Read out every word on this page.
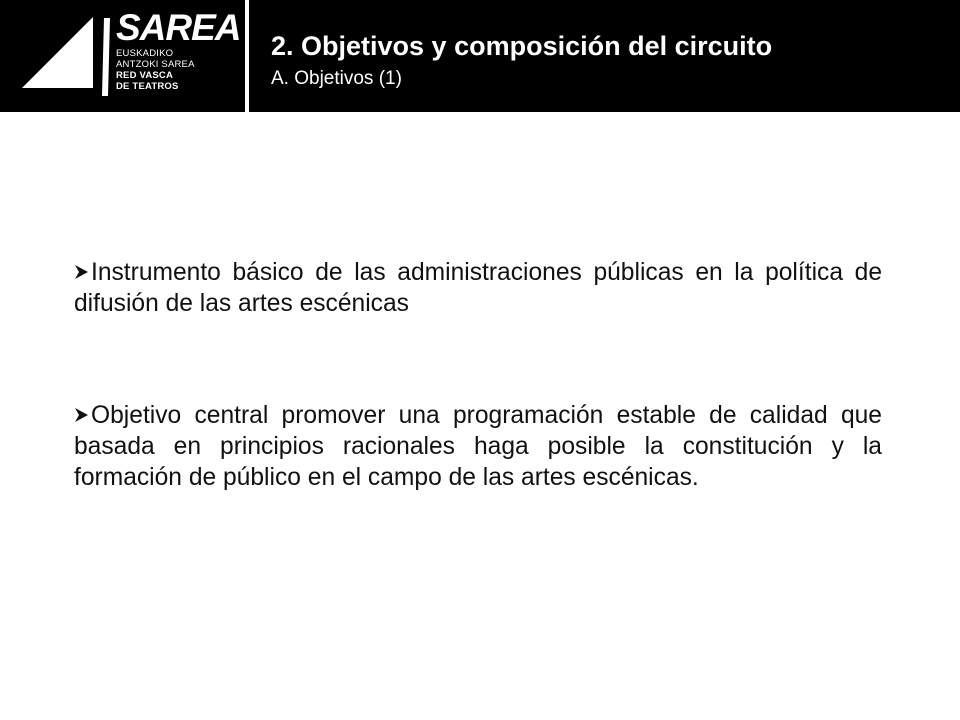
SAREA
EUSKADIKO
ANTZOKI SAREA
RED VASCA
DE TEATROS
2. Objetivos y composición del circuito
A. Objetivos (1)
Instrumento básico de las administraciones públicas en la política de difusión de las artes escénicas
Objetivo central promover una programación estable de calidad que basada en principios racionales haga posible la constitución y la formación de público en el campo de las artes escénicas.
